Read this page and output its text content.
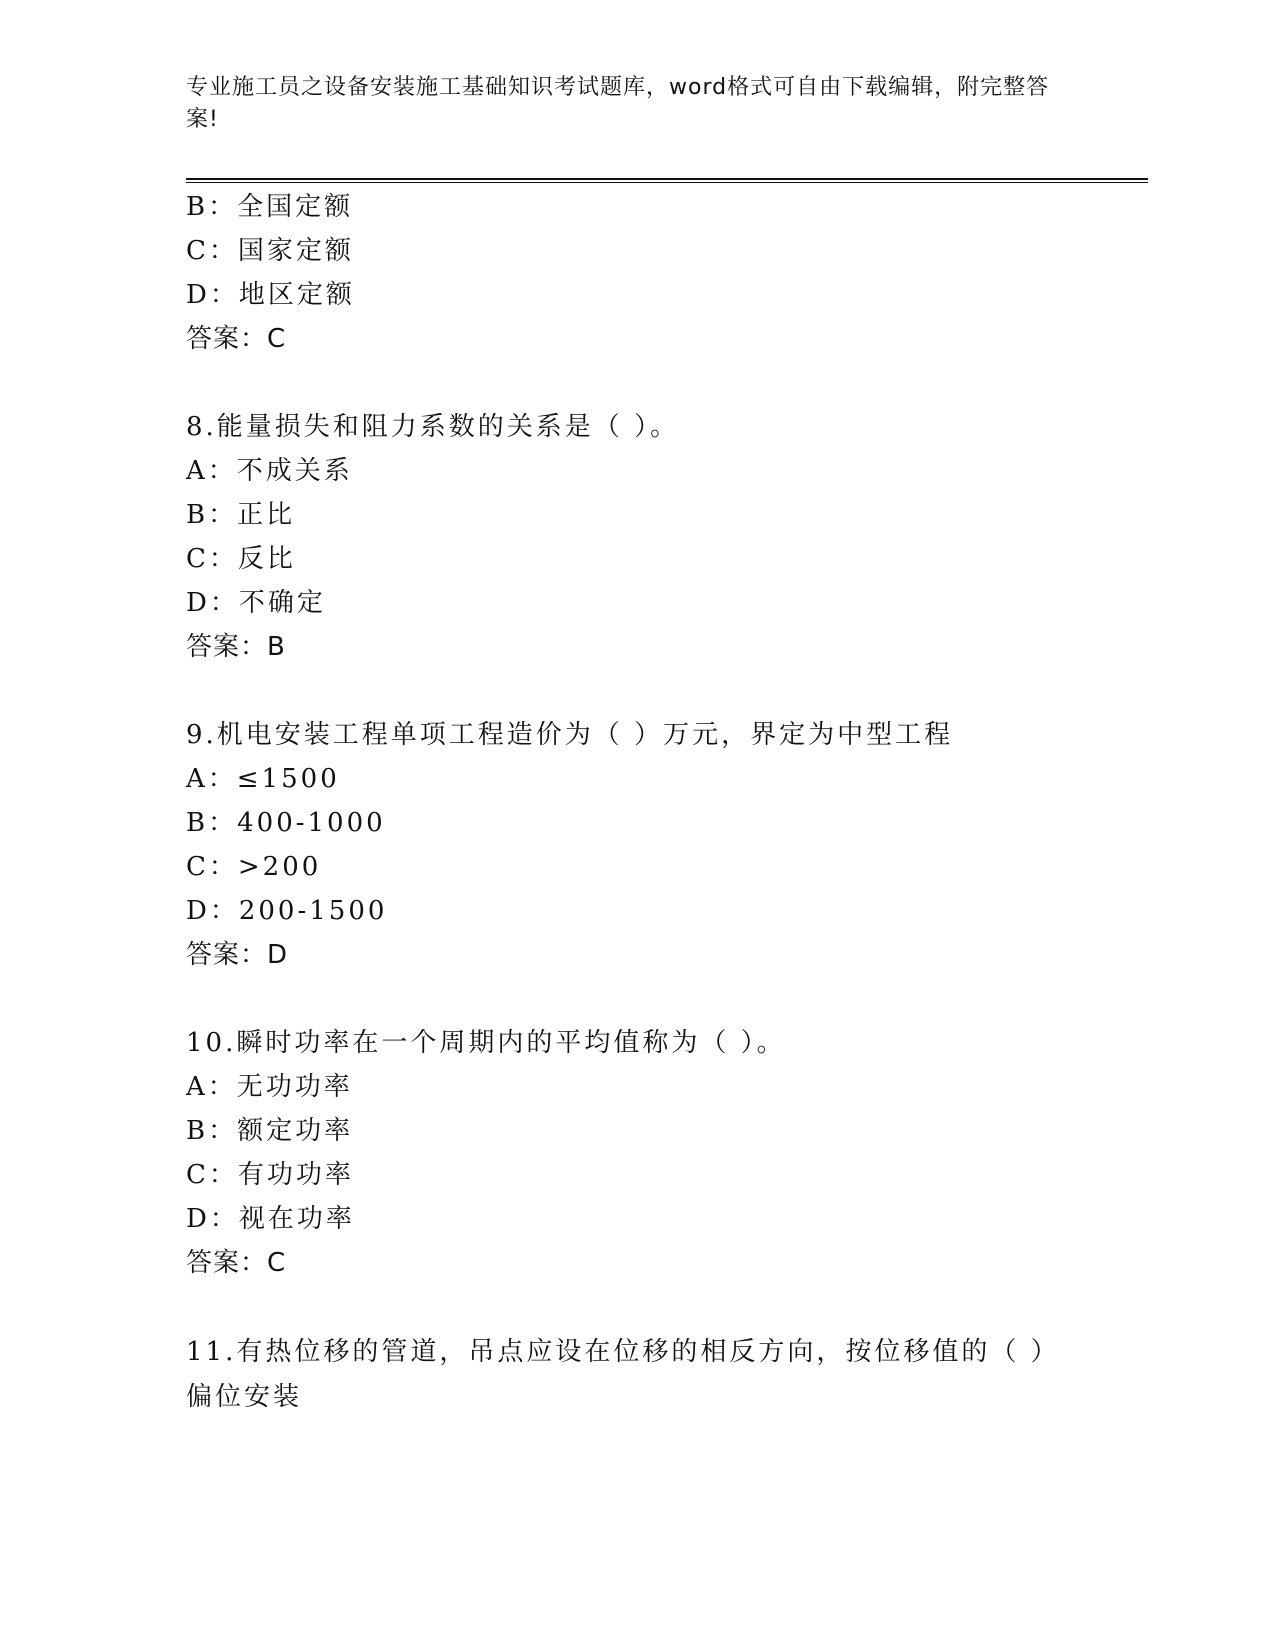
专业施工员之设备安装施工基础知识考试题库，word格式可自由下载编辑，附完整答案!
B：全国定额
C：国家定额
D：地区定额
答案：C
8.能量损失和阻力系数的关系是（ ）。
A：不成关系
B：正比
C：反比
D：不确定
答案：B
9.机电安装工程单项工程造价为（ ）万元，界定为中型工程
A：≤1500
B：400-1000
C：>200
D：200-1500
答案：D
10.瞬时功率在一个周期内的平均值称为（ ）。
A：无功功率
B：额定功率
C：有功功率
D：视在功率
答案：C
11.有热位移的管道，吊点应设在位移的相反方向，按位移值的（ ）偏位安装
